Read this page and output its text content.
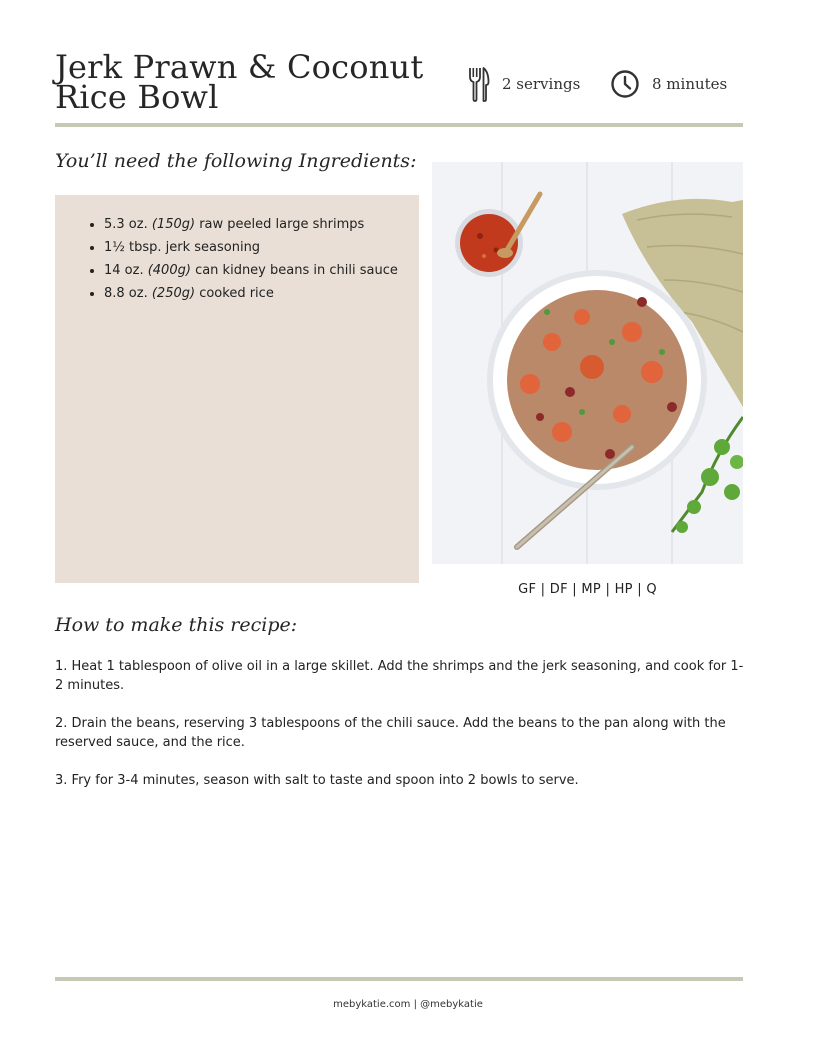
Jerk Prawn & Coconut Rice Bowl	2 servings	8 minutes
You’ll need the following Ingredients:
• 5.3 oz. (150g) raw peeled large shrimps
• 1½ tbsp. jerk seasoning
• 14 oz. (400g) can kidney beans in chili sauce
• 8.8 oz. (250g) cooked rice
GF | DF | MP | HP | Q
How to make this recipe:

1. Heat 1 tablespoon of olive oil in a large skillet. Add the shrimps and the jerk seasoning, and cook for 1-2 minutes.

2. Drain the beans, reserving 3 tablespoons of the chili sauce. Add the beans to the pan along with the reserved sauce, and the rice.

3. Fry for 3-4 minutes, season with salt to taste and spoon into 2 bowls to serve.

mebykatie.com | @mebykatie
